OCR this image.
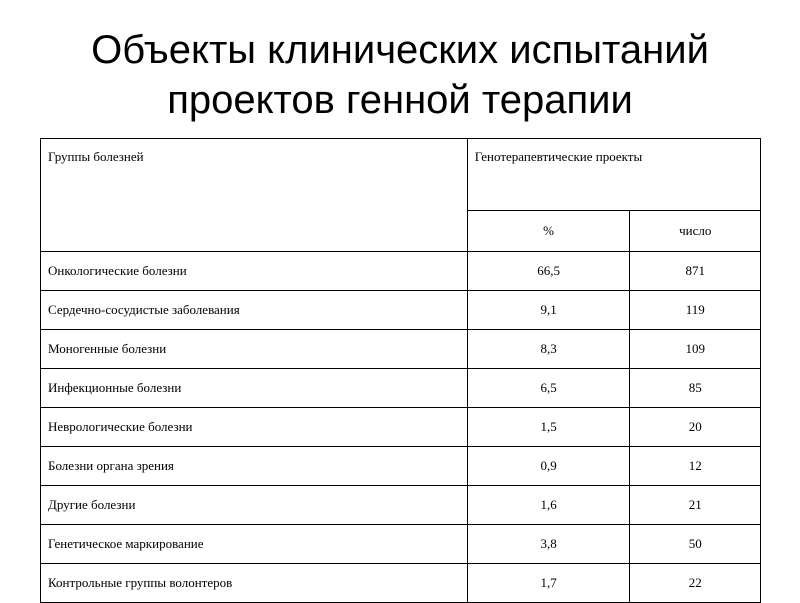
Объекты клинических испытаний
проектов генной терапии
Группы болезней	Генотерапевтические проекты	
	%	число
Онкологические болезни	66,5	871
Сердечно-сосудистые заболевания	9,1	119
Моногенные болезни	8,3	109
Инфекционные болезни	6,5	85
Неврологические болезни	1,5	20
Болезни органа зрения	0,9	12
Другие болезни	1,6	21
Генетическое маркирование	3,8	50
Контрольные группы волонтеров	1,7	22
